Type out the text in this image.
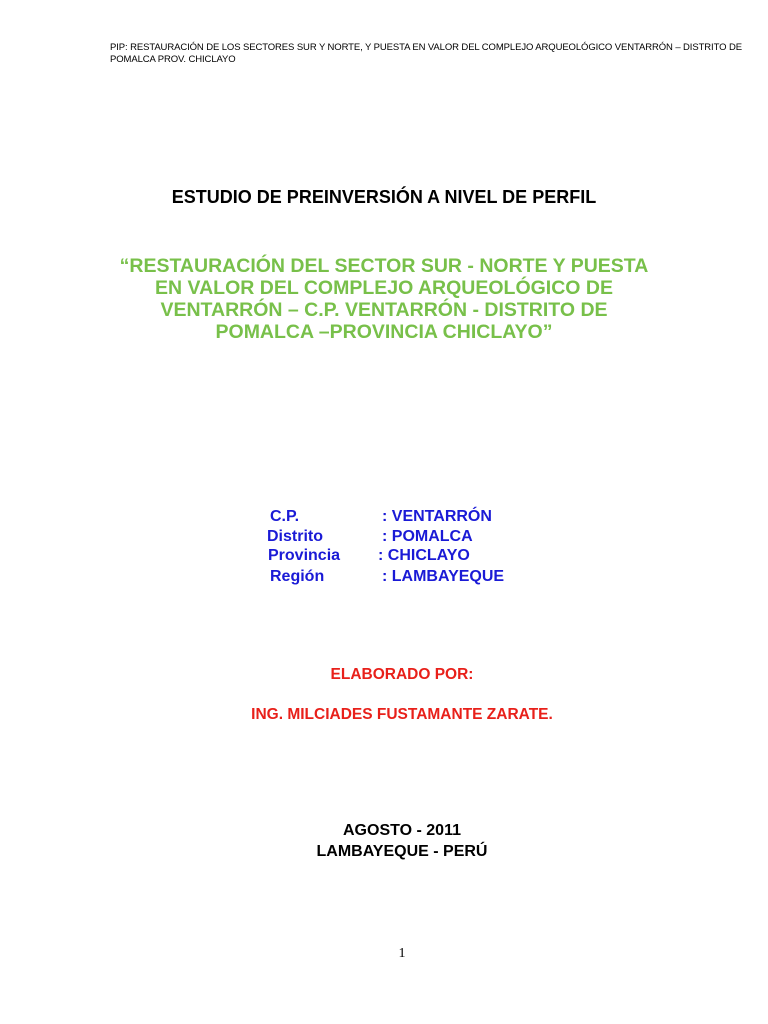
PIP: RESTAURACIÓN DE LOS SECTORES SUR Y NORTE, Y PUESTA EN VALOR DEL COMPLEJO ARQUEOLÓGICO VENTARRÓN – DISTRITO DE
POMALCA PROV. CHICLAYO
ESTUDIO DE PREINVERSIÓN A NIVEL DE PERFIL
“RESTAURACIÓN DEL SECTOR SUR - NORTE Y PUESTA
EN VALOR DEL COMPLEJO ARQUEOLÓGICO DE
VENTARRÓN – C.P. VENTARRÓN - DISTRITO DE
POMALCA –PROVINCIA CHICLAYO”
C.P.	: VENTARRÓN
Distrito	: POMALCA
Provincia : CHICLAYO
Región	: LAMBAYEQUE
ELABORADO POR:
ING. MILCIADES FUSTAMANTE ZARATE.
AGOSTO - 2011
LAMBAYEQUE - PERÚ
1
